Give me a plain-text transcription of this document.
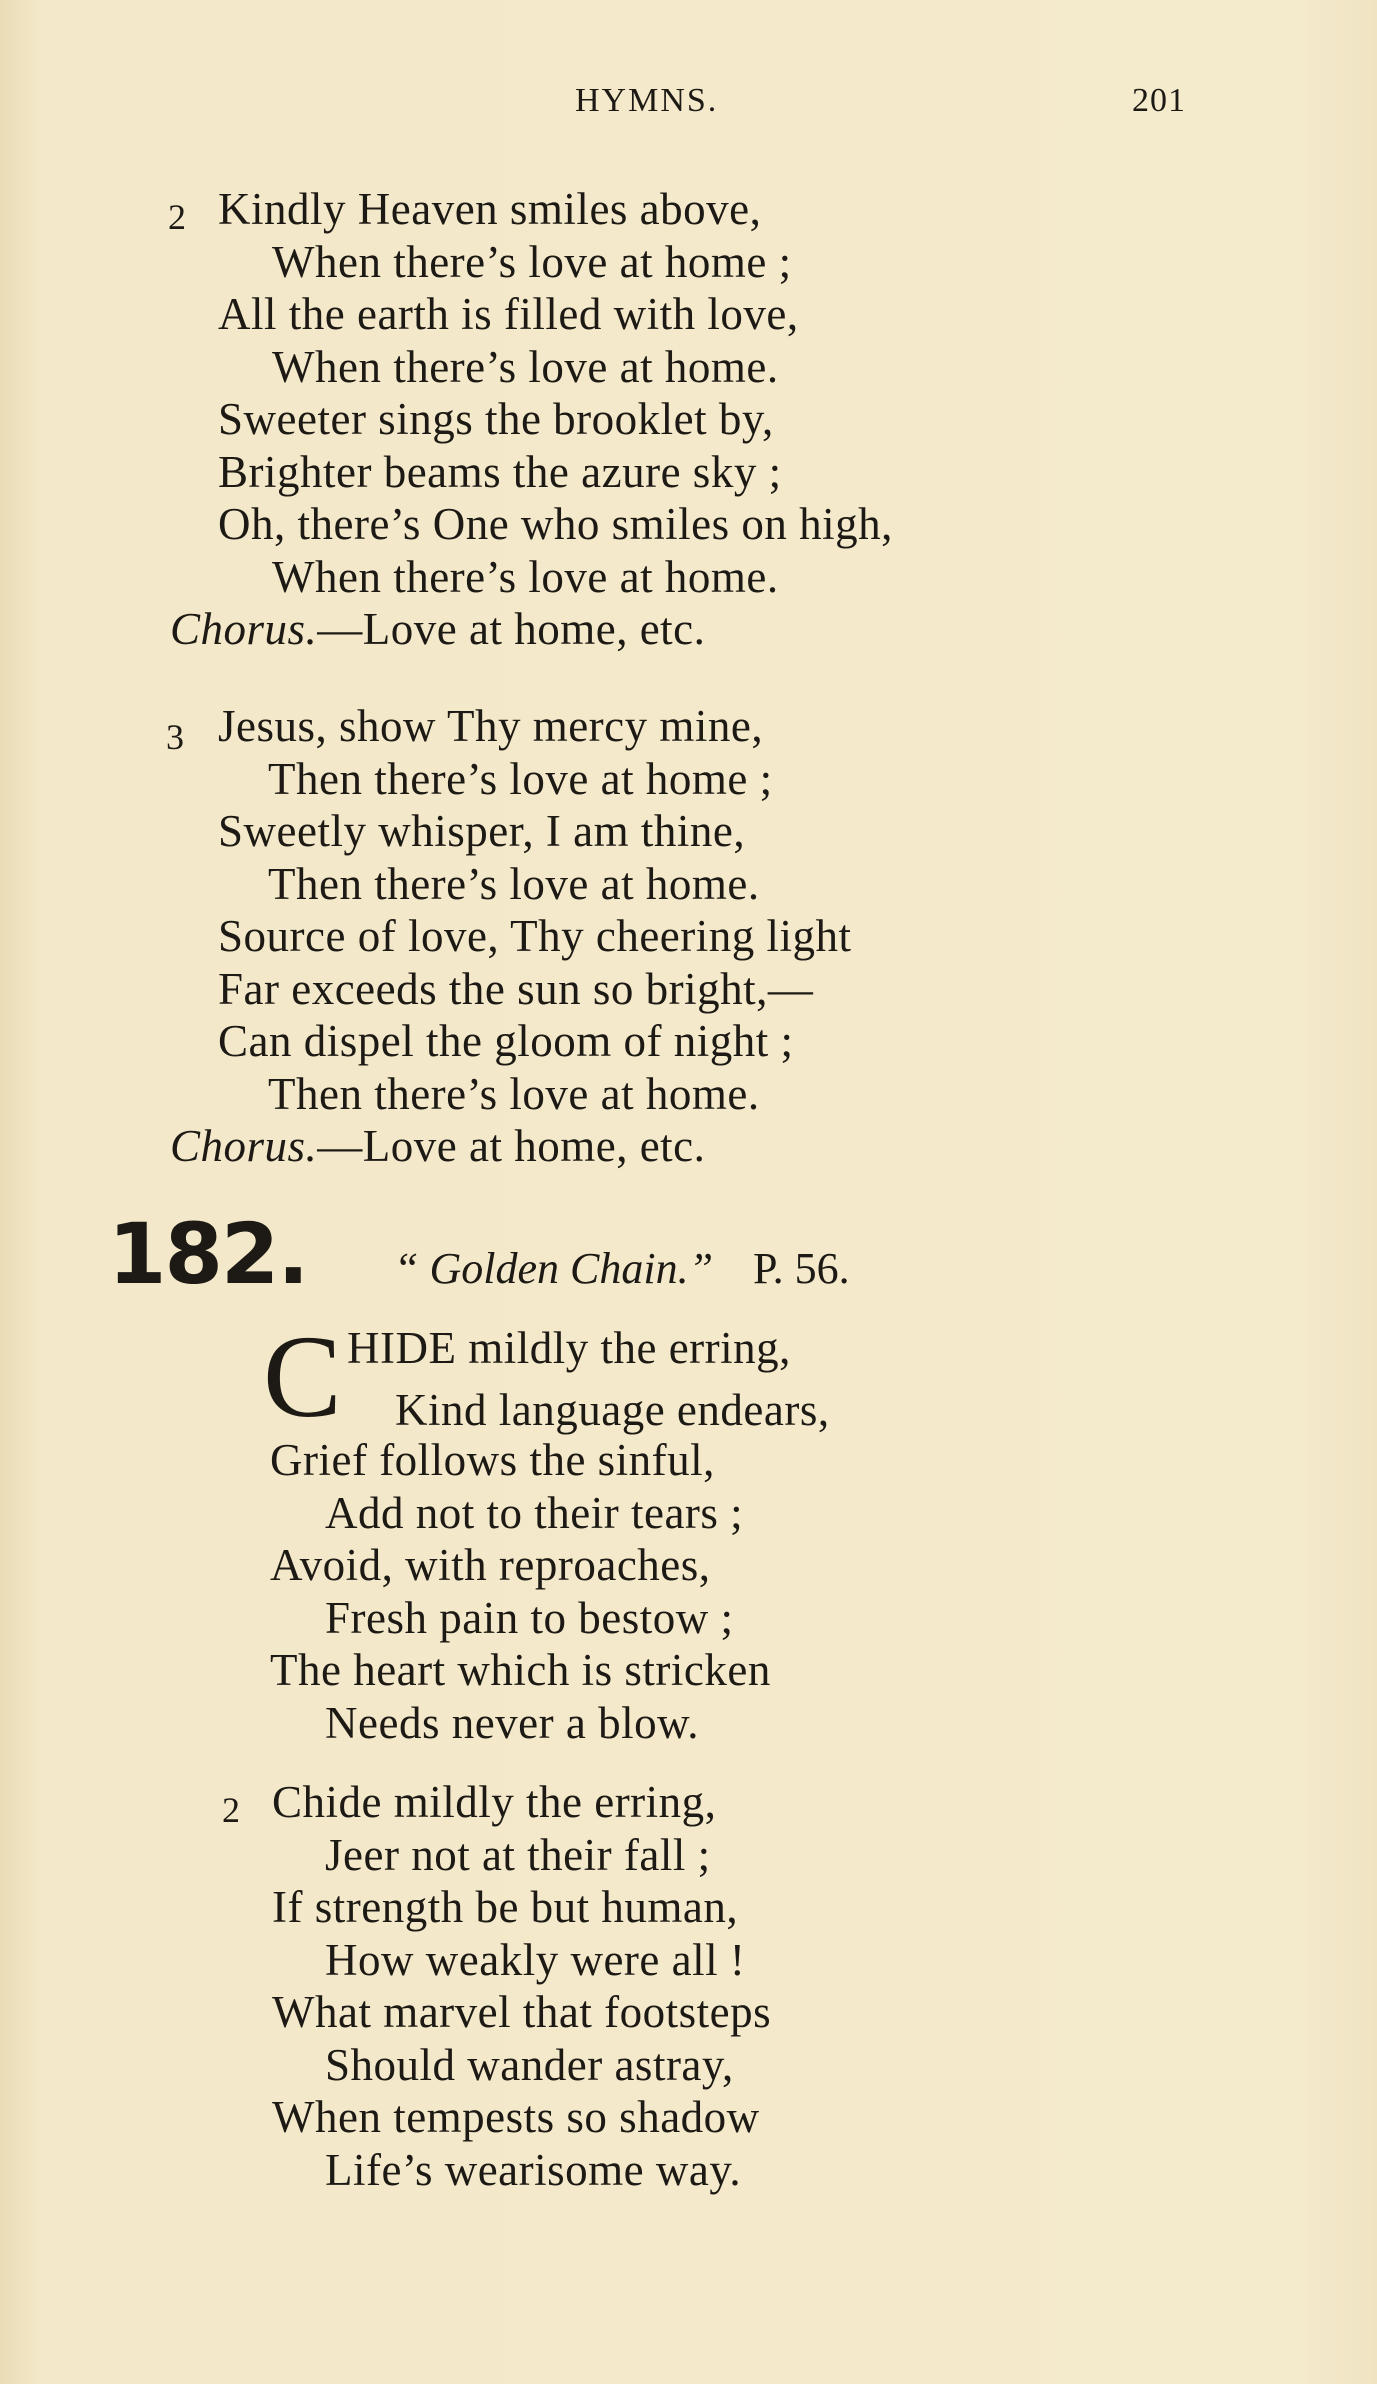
HYMNS.	201
2 Kindly Heaven smiles above,
When there’s love at home ;
All the earth is filled with love,
When there’s love at home.
Sweeter sings the brooklet by,
Brighter beams the azure sky ;
Oh, there’s One who smiles on high,
When there’s love at home.
Chorus.—Love at home, etc.
3 Jesus, show Thy mercy mine,
Then there’s love at home ;
Sweetly whisper, I am thine,
Then there’s love at home.
Source of love, Thy cheering light
Far exceeds the sun so bright,—
Can dispel the gloom of night ;
Then there’s love at home.
Chorus.—Love at home, etc.
182. “ Golden Chain.” P. 56.
C HIDE mildly the erring,
Kind language endears,
Grief follows the sinful,
Add not to their tears ;
Avoid, with reproaches,
Fresh pain to bestow ;
The heart which is stricken
Needs never a blow.
2 Chide mildly the erring,
Jeer not at their fall ;
If strength be but human,
How weakly were all !
What marvel that footsteps
Should wander astray,
When tempests so shadow
Life’s wearisome way.
